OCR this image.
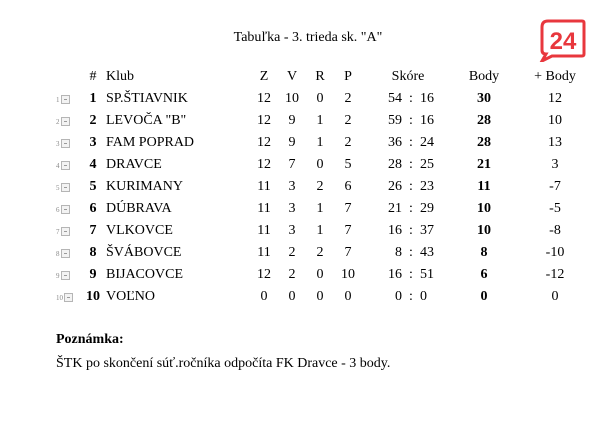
24
Tabuľka - 3. trieda sk. "A"
	#	Klub	Z	V	R	P	Skóre	Body	+ Body

1	1	SP.ŠTIAVNIK	12	10	0	2	54 : 16	30	12

2	2	LEVOČA "B"	12	9	1	2	59 : 16	28	10

3	3	FAM POPRAD	12	9	1	2	36 : 24	28	13

4	4	DRAVCE	12	7	0	5	28 : 25	21	3

5	5	KURIMANY	11	3	2	6	26 : 23	11	-7

6	6	DÚBRAVA	11	3	1	7	21 : 29	10	-5

7	7	VLKOVCE	11	3	1	7	16 : 37	10	-8

8	8	ŠVÁBOVCE	11	2	2	7	8 : 43	8	-10

9	9	BIJACOVCE	12	2	0	10	16 : 51	6	-12

10	10	VOĽNO	0	0	0	0	0 : 0	0	0
Poznámka:
ŠTK po skončení súť.ročníka odpočíta FK Dravce - 3 body.
